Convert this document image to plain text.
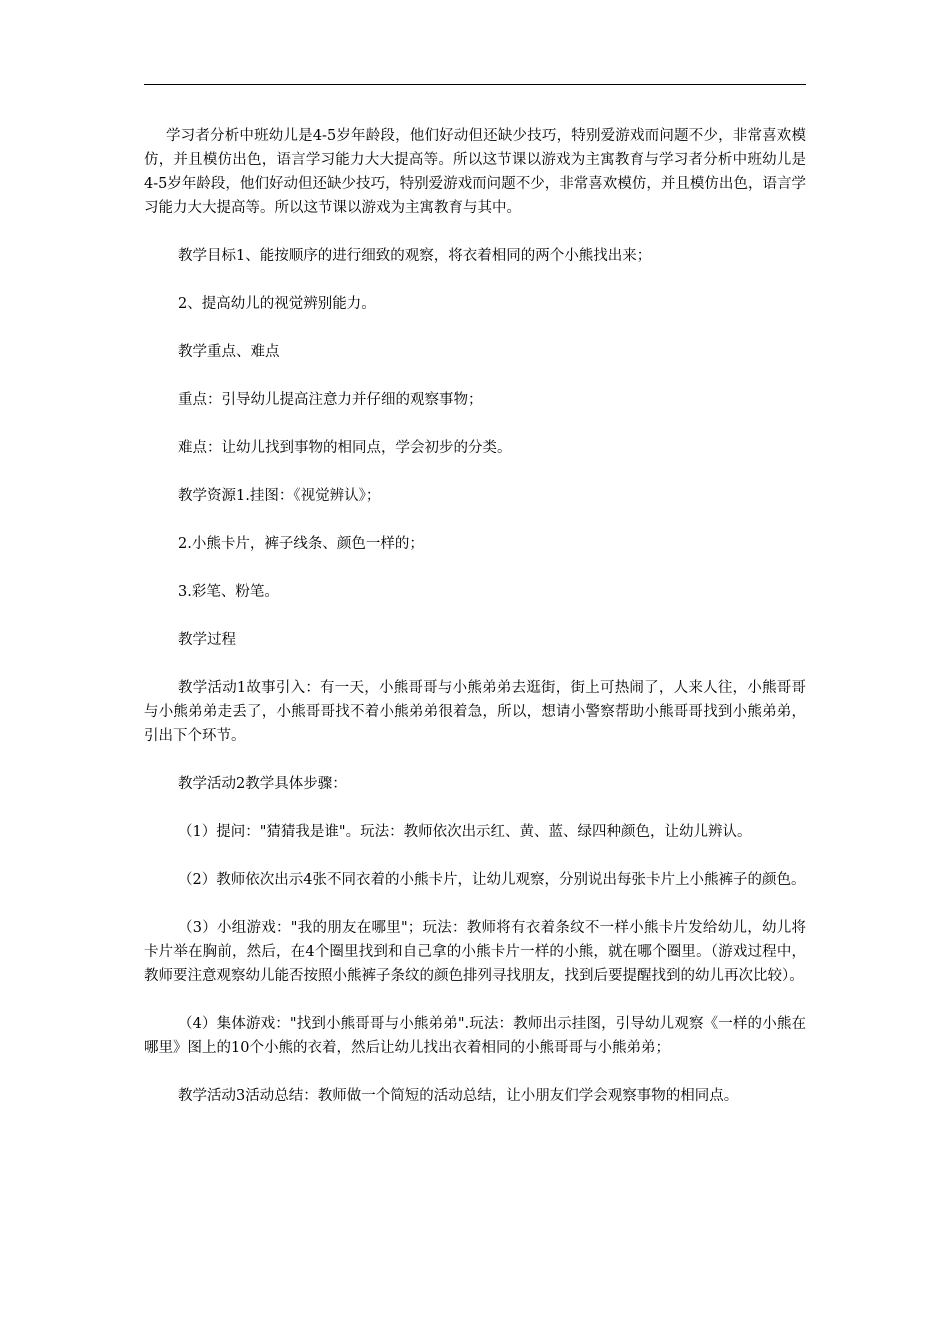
学习者分析中班幼儿是4-5岁年龄段，他们好动但还缺少技巧，特别爱游戏而问题不少，非常喜欢模仿，并且模仿出色，语言学习能力大大提高等。所以这节课以游戏为主寓教育与学习者分析中班幼儿是4-5岁年龄段，他们好动但还缺少技巧，特别爱游戏而问题不少，非常喜欢模仿，并且模仿出色，语言学习能力大大提高等。所以这节课以游戏为主寓教育与其中。

教学目标1、能按顺序的进行细致的观察，将衣着相同的两个小熊找出来；

2、提高幼儿的视觉辨别能力。

教学重点、难点

重点：引导幼儿提高注意力并仔细的观察事物；

难点：让幼儿找到事物的相同点，学会初步的分类。

教学资源1.挂图：《视觉辨认》；

2.小熊卡片，裤子线条、颜色一样的；

3.彩笔、粉笔。

教学过程

教学活动1故事引入：有一天，小熊哥哥与小熊弟弟去逛街，街上可热闹了，人来人往，小熊哥哥与小熊弟弟走丢了，小熊哥哥找不着小熊弟弟很着急，所以，想请小警察帮助小熊哥哥找到小熊弟弟，引出下个环节。

教学活动2教学具体步骤：

（1）提问："猜猜我是谁"。玩法：教师依次出示红、黄、蓝、绿四种颜色，让幼儿辨认。

（2）教师依次出示4张不同衣着的小熊卡片，让幼儿观察，分别说出每张卡片上小熊裤子的颜色。

（3）小组游戏："我的朋友在哪里"；玩法：教师将有衣着条纹不一样小熊卡片发给幼儿，幼儿将卡片举在胸前，然后，在4个圈里找到和自己拿的小熊卡片一样的小熊，就在哪个圈里。（游戏过程中，教师要注意观察幼儿能否按照小熊裤子条纹的颜色排列寻找朋友，找到后要提醒找到的幼儿再次比较）。

（4）集体游戏："找到小熊哥哥与小熊弟弟".玩法：教师出示挂图，引导幼儿观察《一样的小熊在哪里》图上的10个小熊的衣着，然后让幼儿找出衣着相同的小熊哥哥与小熊弟弟；

教学活动3活动总结：教师做一个简短的活动总结，让小朋友们学会观察事物的相同点。
